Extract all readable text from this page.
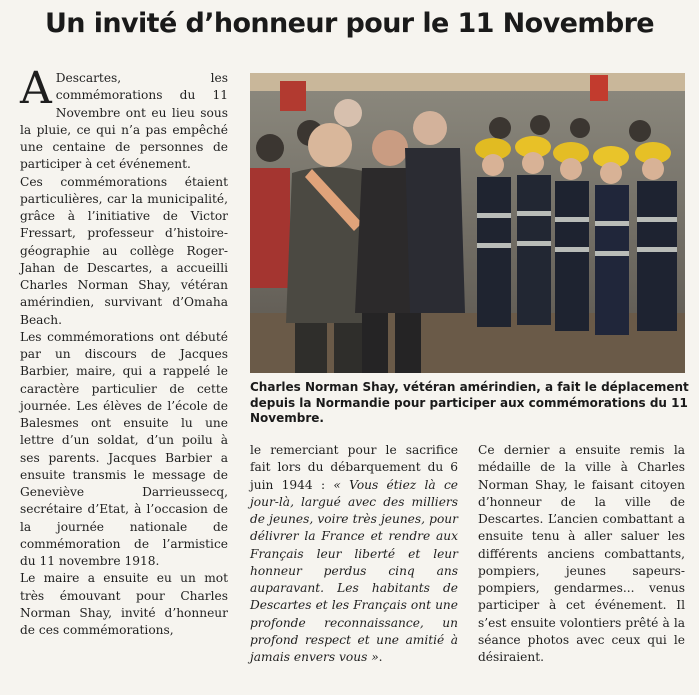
Un invité d’honneur pour le 11 Novembre

A Descartes, les commémorations du 11 Novembre ont eu lieu sous la pluie, ce qui n’a pas empêché une centaine de personnes de participer à cet événement.

Ces commémorations étaient particulières, car la municipalité, grâce à l’initiative de Victor Fressart, professeur d’histoire-géographie au collège Roger-Jahan de Descartes, a accueilli Charles Norman Shay, vétéran amérindien, survivant d’Omaha Beach.

Les commémorations ont débuté par un discours de Jacques Barbier, maire, qui a rappelé le caractère particulier de cette journée. Les élèves de l’école de Balesmes ont ensuite lu une lettre d’un soldat, d’un poilu à ses parents. Jacques Barbier a ensuite transmis le message de Geneviève Darrieussecq, secrétaire d’Etat, à l’occasion de la journée nationale de commémoration de l’armistice du 11 novembre 1918.

Le maire a ensuite eu un mot très émouvant pour Charles Norman Shay, invité d’honneur de ces commémorations,

Charles Norman Shay, vétéran amérindien, a fait le déplacement depuis la Normandie pour participer aux commémorations du 11 Novembre.

le remerciant pour le sacrifice fait lors du débarquement du 6 juin 1944 : « Vous étiez là ce jour-là, largué avec des milliers de jeunes, voire très jeunes, pour délivrer la France et rendre aux Français leur liberté et leur honneur perdus cinq ans auparavant. Les habitants de Descartes et les Français ont une profonde reconnaissance, un profond respect et une amitié à jamais envers vous ».

Ce dernier a ensuite remis la médaille de la ville à Charles Norman Shay, le faisant citoyen d’honneur de la ville de Descartes. L’ancien combattant a ensuite tenu à aller saluer les différents anciens combattants, pompiers, jeunes sapeurs-pompiers, gendarmes... venus participer à cet événement. Il s’est ensuite volontiers prêté à la séance photos avec ceux qui le désiraient.
